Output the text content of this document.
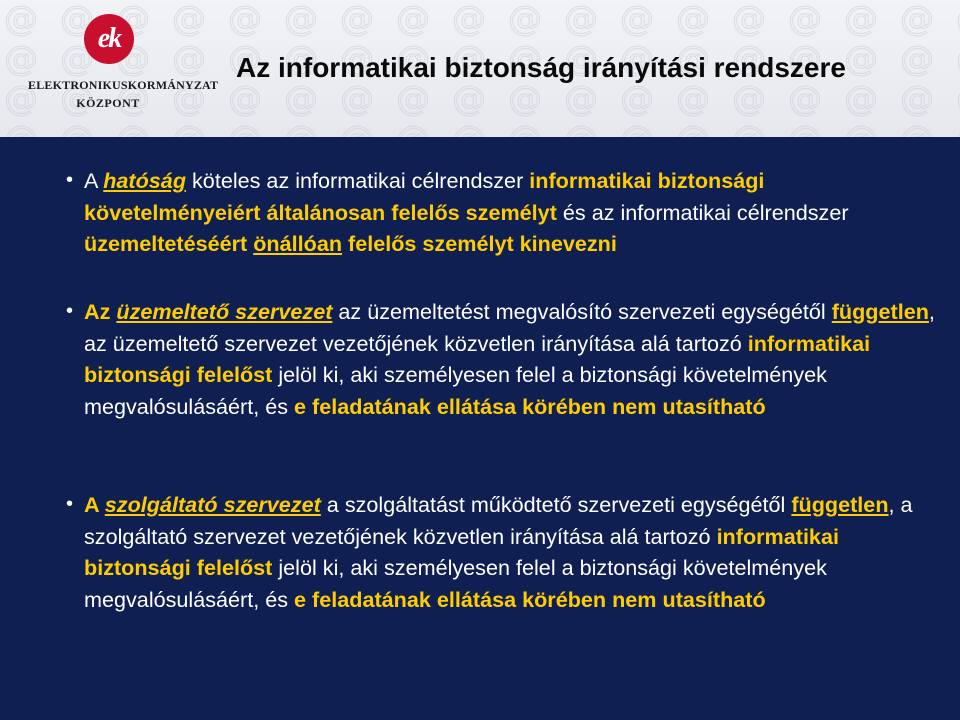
ek
ELEKTRONIKUSKORMÁNYZAT
KÖZPONT
Az informatikai biztonság irányítási rendszere
• A hatóság köteles az informatikai célrendszer informatikai biztonsági követelményeiért általánosan felelős személyt és az informatikai célrendszer üzemeltetéséért önállóan felelős személyt kinevezni
• Az üzemeltető szervezet az üzemeltetést megvalósító szervezeti egységétől független, az üzemeltető szervezet vezetőjének közvetlen irányítása alá tartozó informatikai biztonsági felelőst jelöl ki, aki személyesen felel a biztonsági követelmények megvalósulásáért, és e feladatának ellátása körében nem utasítható
• A szolgáltató szervezet a szolgáltatást működtető szervezeti egységétől független, a szolgáltató szervezet vezetőjének közvetlen irányítása alá tartozó informatikai biztonsági felelőst jelöl ki, aki személyesen felel a biztonsági követelmények megvalósulásáért, és e feladatának ellátása körében nem utasítható
